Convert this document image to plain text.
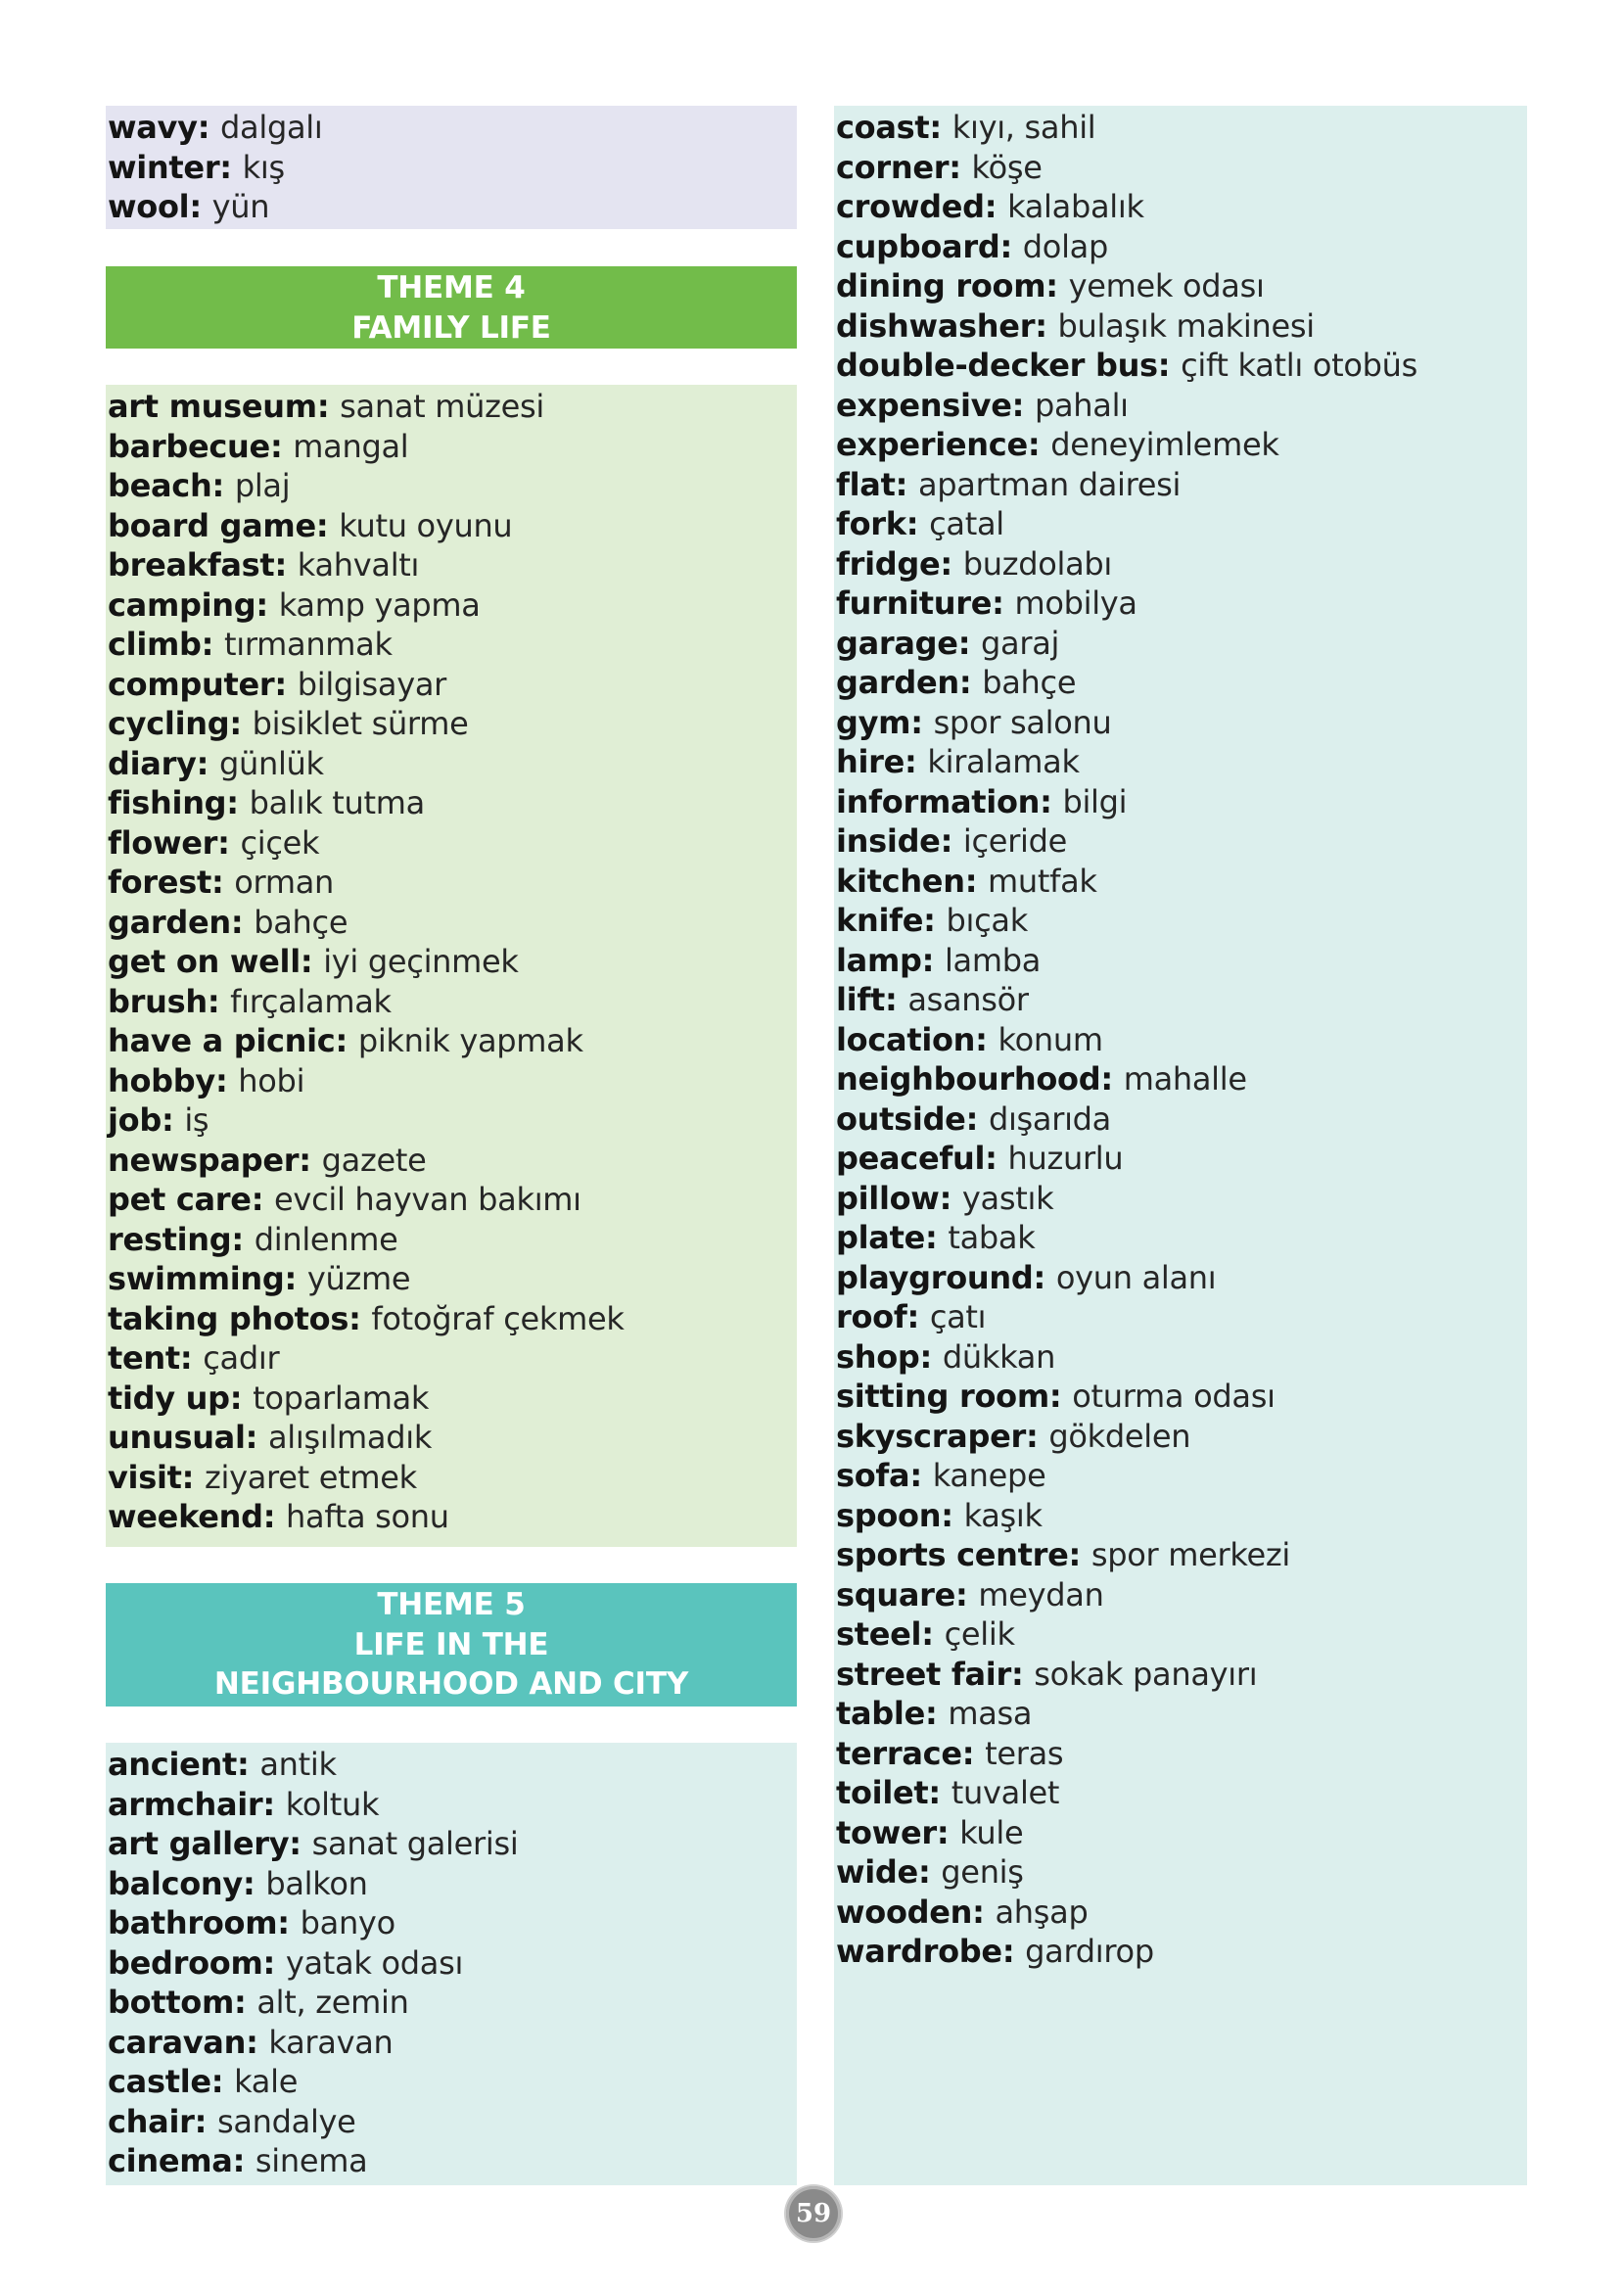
wavy: dalgalı
winter: kış
wool: yün
THEME 4
FAMILY LIFE
art museum: sanat müzesi
barbecue: mangal
beach: plaj
board game: kutu oyunu
breakfast: kahvaltı
camping: kamp yapma
climb: tırmanmak
computer: bilgisayar
cycling: bisiklet sürme
diary: günlük
fishing: balık tutma
flower: çiçek
forest: orman
garden: bahçe
get on well: iyi geçinmek
brush: fırçalamak
have a picnic: piknik yapmak
hobby: hobi
job: iş
newspaper: gazete
pet care: evcil hayvan bakımı
resting: dinlenme
swimming: yüzme
taking photos: fotoğraf çekmek
tent: çadır
tidy up: toparlamak
unusual: alışılmadık
visit: ziyaret etmek
weekend: hafta sonu
THEME 5
LIFE IN THE
NEIGHBOURHOOD AND CITY
ancient: antik
armchair: koltuk
art gallery: sanat galerisi
balcony: balkon
bathroom: banyo
bedroom: yatak odası
bottom: alt, zemin
caravan: karavan
castle: kale
chair: sandalye
cinema: sinema
coast: kıyı, sahil
corner: köşe
crowded: kalabalık
cupboard: dolap
dining room: yemek odası
dishwasher: bulaşık makinesi
double-decker bus: çift katlı otobüs
expensive: pahalı
experience: deneyimlemek
flat: apartman dairesi
fork: çatal
fridge: buzdolabı
furniture: mobilya
garage: garaj
garden: bahçe
gym: spor salonu
hire: kiralamak
information: bilgi
inside: içeride
kitchen: mutfak
knife: bıçak
lamp: lamba
lift: asansör
location: konum
neighbourhood: mahalle
outside: dışarıda
peaceful: huzurlu
pillow: yastık
plate: tabak
playground: oyun alanı
roof: çatı
shop: dükkan
sitting room: oturma odası
skyscraper: gökdelen
sofa: kanepe
spoon: kaşık
sports centre: spor merkezi
square: meydan
steel: çelik
street fair: sokak panayırı
table: masa
terrace: teras
toilet: tuvalet
tower: kule
wide: geniş
wooden: ahşap
wardrobe: gardırop
59
